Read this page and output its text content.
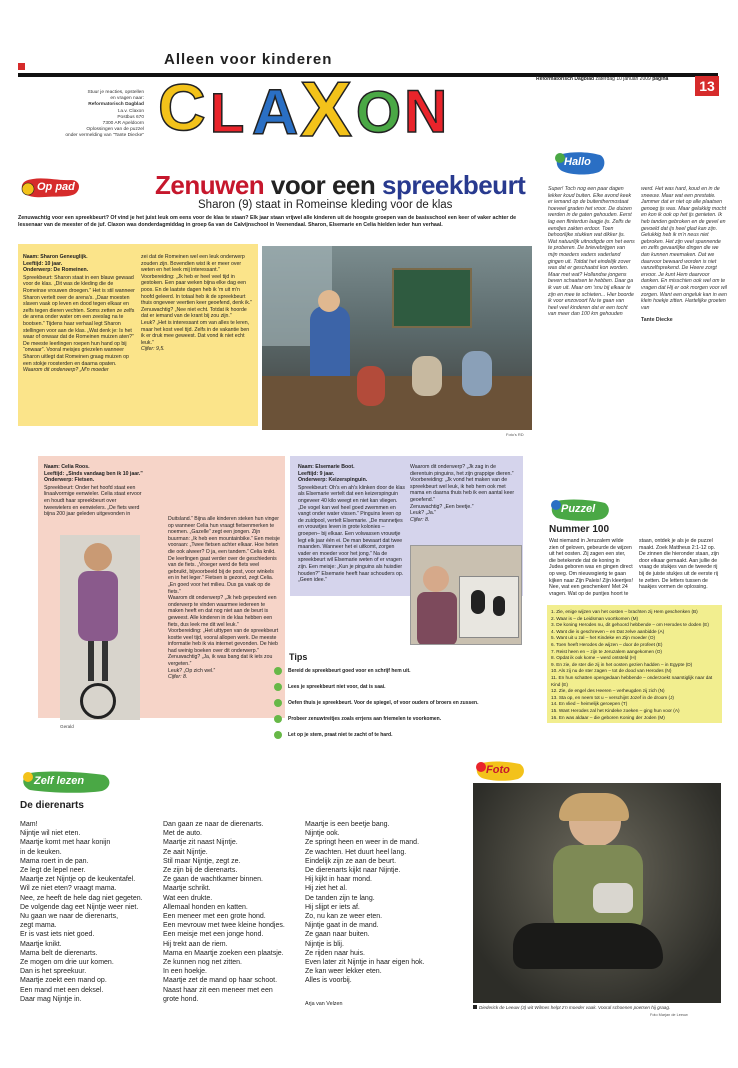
Alleen voor kinderen
Reformatorisch Dagblad zaterdag 10 januari 2009 pagina	13
Stuur je reacties, opstellen
en vragen naar:
Reformatorisch Dagblad
t.a.v. Claxon
Postbus 670
7300 AR Apeldoorn
Oplossingen van de puzzel
onder vermelding van "Tante Diecke" C L A X O N
Op pad	Zenuwen voor een spreekbeurt
Sharon (9) staat in Romeinse kleding voor de klas
Zenuwachtig voor een spreekbeurt? Of vind je het juist leuk om eens voor de klas te staan? Elk jaar staan vrijwel alle kinderen uit de hoogste groepen van de basisschool een keer of vaker achter de lessenaar van de meester of de juf. Claxon was donderdagmiddag in groep 6a van de Calvijnschool in Veenendaal. Sharon, Elsemarie en Celia hielden ieder hun verhaal.

Naam: Sharon Geneuglijk.

Leeftijd: 10 jaar.

Onderwerp: De Romeinen.

Spreekbeurt: Sharon staat in een blauw gewaad voor de klas. „Dit was de kleding die de Romeinse vrouwen droegen.” Het is stil wanneer Sharon vertelt over de arena's. „Daar moesten slaven vaak op leven en dood tegen elkaar en zelfs tegen dieren vechten. Soms zetten ze zelfs de arena onder water om een zeeslag na te bootsen.” Tijdens haar verhaal legt Sharon stellingen voor aan de klas. „Wat denk je: Is het waar of onwaar dat de Romeinen muizen aten?” De meeste leerlingen roepen hun hand op bij “onwaar”. Vooral meisjes griezelen wanneer Sharon uitlegt dat Romeinen graag muizen op een stokje roosterden en daarna opaten.

Waarom dit onderwerp? „M'n moeder

zei dat de Romeinen wel een leuk onderwerp zouden zijn. Bovendien wist ik er meer over weten en het leek mij interessant.”

Voorbereiding: „Jk heb er heel veel tijd in gestoken. Een paar weken bijna elke dag een poos. En de laatste dagen heb ik 'm uit m'n hoofd geleerd. In totaal heb ik de spreekbeurt thuis ongeveer veertien keer geoefend, denk ik.”

Zenuwachtig? „Nee niet echt. Totdat ik hoorde dat er iemand van de krant bij zou zijn.”

Leuk? „Het is interessant om van alles te leren, maar het kost veel tijd. Zelfs in de vakantie ben ik er druk mee geweest. Dat vond ik niet echt leuk.”

Cijfer: 9,5.

Foto's RD

Naam: Celia Roos.

Leeftijd: „Sinds vandaag ben ik 10 jaar.”

Onderwerp: Fietsen.

Spreekbeurt: Onder het hoofd staat een linaalvormige eenwieler. Celia staat ervoor en houdt haar spreekbeurt over tweewielers en eenwielers. „De fiets werd bijna 200 jaar geleden uitgevonden in

Duitsland.” Bijna alle kinderen steken hun vinger op wanneer Celia hun vraagt fietsenmerken te noemen. „Gazelle” zegt een jongen. Zijn buurman: „Ik heb een mountainbike.” Een meisje vooraan: „Twee fietsen achter elkaar. Hoe heten die ook alweer? O ja, een tandem.” Celia knikt. De leerlingen gaat verder over de geschiedenis van de fiets. „Vroeger werd de fiets veel gebruikt, bijvoorbeeld bij de post, voor winkels en in het leger.” Fietsen is gezond, zegt Celia. „En goed voor het milieu. Dus ga vaak op de fiets.”

Waarom dit onderwerp? „Jk heb gepeuterd een onderwerp te vinden waarmee iedereen te maken heeft en dat nog niet aan de beurt is geweest. Alle kinderen in de klas hebben een fiets, dus leek me dit wel leuk.”

Voorbereiding: „Het uittypen van de spreekbeurt kostte veel tijd, vooral allopen werk. De meeste informatie heb ik via internet gevonden. De hieb had weinig boeken over dit onderwerp.”

Zenuwachtig? „Ja, ik was bang dat ik iets zou vergeten.”

Leuk? „Op zich wel.”

Cijfer: 8.

Gerald

Naam: Elsemarie Boot.

Leeftijd: 9 jaar.

Onderwerp: Keizerspinguin.

Spreekbeurt: Oh's en ah's klinken door de klas als Elsemarie vertelt dat een keizerspinguin ongeveer 40 kilo weegt en niet kan vliegen. „De vogel kan wel heel goed zwemmen en vangt onder water vissen.” Pinguins leven op de zuidpool, vertelt Elsemarie. „De mannetjes en vrouwtjes leven in grote kolonies –groepen– bij elkaar. Een volwassen vrouwtje legt elk jaar één ei. De man bewaart dat twee maanden. Wanneer het ei uitkomt, zorgen vader en moeder voor het jong.” Na de spreekbeurt wil Elsemarie weten of er vragen zijn. Een meisje: „Kun je pinguins als huisdier houden?” Elsemarie heeft haar schouders op. „Geen idee.”

Waarom dit onderwerp? „Jk zag in de dierentuin pinguins, het zijn grappige dieren.”

Voorbereiding: „Jk vond het maken van de spreekbeurt wel leuk, ik heb hem ook met mama en daarna thuis heb ik een aantal keer geoefend.”

Zenuwachtig? „Een beetje.”

Leuk? „Ja.”

Cijfer: 8.

Tips
Bereid de spreekbeurt goed voor en schrijf hem uit.
Lees je spreekbeurt niet voor, dat is saai.
Oefen thuis je spreekbeurt. Voor de spiegel, of voor ouders of broers en zussen.
Probeer zenuwtreitjes zoals errjens aan friemelen te voorkomen.
Let op je stem, praat niet te zacht of te hard.
Hallo
Super! Toch nog een paar dagen lekker koud buiten. Elke avond keek er iemand op de buitenthermostaat hoeveel graden het vroor. De duizen werden in de gaten gehouden. Eerst lag een flinterdun laagje ijs. Zelfs de eendjes zakten erdoor. Toen behoorlijke stukken wat dikker ijs. Wat natuurlijk uitnodigde om het eens te proberen. De brievebrijgen van mijn moeders vaders vaderland gingen uit. Totdat het eindelijk zover was dat er geschaatst kon worden. Maar met wat? Hollandse jongens beven schaatsen te hebben. Daar ga ik van uit. Maar om 'snu bij elkaar te zijn en mee te schieten... Hier boorde ik voor enzovoort Nu te gaan van heel veel kinderen dat er een tocht van meer dan 100 km gehouden werd. Het was hard, koud en in de sneeuw. Maar wat een prestatie. Jammer dat er niet op alle plaatsen genoeg ijs was. Maar gelukkig mocht en kon ik ook op het ijs genieten. Ik heb tanden gebroken en de gevel en gevoeld dat ijs heel glad kan zijn. Gelukkig heb ik m'n neus niet gebroken. Het zijn veel spannende en zelfs gevaarlijke dingen die we dan kunnen meemaken. Dat we daarvoor bewaard worden is niet vanzelfsprekend. De Heere zorgt ervoor. Je kunt Hem daarvoor danken. En misschien ook wel om te vragen dat Hij er ook morgen voor wil zorgen. Want een ongeluk kan in een klein hoekje zitten. Hartelijke groeten van

Tante Diecke

Puzzel
Nummer 100
Wat niemand in Jeruzalem wilde zien of geloven, gebeurde de wijzen uit het oosten. Zij zagen een ster, die betekende dat de koning in Judea geboren was en gingen direct op weg. Om nieuwsgierig te gaan kijken naar Zijn Paleis! Zijn kleertjes! Nee, wat een geschenken! Met 24 vragen. Wat op de puntjes hoort te staan, ontdek je als je de puzzel maakt. Zoek Mattheus 2:1-12 op. De zinnen die hieronder staan, zijn door elkaar gemaakt. Aan jullie de vraag de stukjes van de tweede rij bij de juiste stukjes uit de eerste rij te zetten. De letters tussen de haakjes vormen de oplossing.
1. Zie, enige wijzen van het oosten – brachten zij Hem geschenken (B)
2. Waar is – de Leidsman voortkomen (M)
3. De koning Herodes nu, dit gehoord hebbende – om Herodes te doden (E)
4. Want die is geschreven – en Dat zelve aanbidde (A)
5. Want uit u zal – het Kindeke en Zijn moeder (O)
6. Toen heeft Herodes de wijzen – door de profeet (E)
7. Reist heen en – zijn te Jeruzalem aangekomen (O)
8. Opdat ik ook kome – werd ontsteld (H)
9. En zie, de ster die zij in het oosten gezien hadden – in Egypte (D)
10. Als zij nu de ster zagen – tot de dood van Herodes (N)
11. En hun schatten opengedaan hebbende – onderzoekt naarstiglijk naar dat Kind (E)
12. Zie, de engel des Heeren – verheugden zij zich (N)
13. Sta op, en neem tot u – verschijnt Jozef in de droom (J)
14. En vlied – heimelijk geroepen (T)
15. Want Herodes zal het Kindeke zoeken – ging hun voor (A)
16. En was aldaar – die geboren Koning der Joden (M)
Zelf lezen
De dierenarts
Mam!
Nijntje wil niet eten.
Maartje komt met haar konijn
in de keuken.
Mama roert in de pan.
Ze legt de lepel neer.
Maartje zet Nijntje op de keukentafel.
Wil ze niet eten? vraagt mama.
Nee, ze heeft de hele dag niet gegeten.
De volgende dag eet Nijntje weer niet.
Nu gaan we naar de dierenarts,
zegt mama.
Er is vast iets niet goed.
Maartje knikt.
Mama belt de dierenarts.
Ze mogen om drie uur komen.
Dan is het spreekuur.
Maartje zoekt een mand op.
Een mand met een deksel.
Daar mag Nijntje in.
Dan gaan ze naar de dierenarts.
Met de auto.
Maartje zit naast Nijntje.
Ze aait Nijntje.
Stil maar Nijntje, zegt ze.
Ze zijn bij de dierenarts.
Ze gaan de wachtkamer binnen.
Maartje schrikt.
Wat een drukte.
Allemaal honden en katten.
Een meneer met een grote hond.
Een mevrouw met twee kleine hondjes.
Een meisje met een jonge hond.
Hij trekt aan de riem.
Mama en Maartje zoeken een plaatsje.
Ze kunnen nog net zitten.
In een hoekje.
Maartje zet de mand op haar schoot.
Naast haar zit een meneer met een
grote hond.
Maartje is een beetje bang.
Nijntje ook.
Ze springt heen en weer in de mand.
Ze wachten. Het duurt heel lang.
Eindelijk zijn ze aan de beurt.
De dierenarts kijkt naar Nijntje.
Hij kijkt in haar mond.
Hij ziet het al.
De tanden zijn te lang.
Hij slijpt er iets af.
Zo, nu kan ze weer eten.
Nijntje gaat in de mand.
Ze gaan naar buiten.
Nijntje is blij.
Ze rijden naar huis.
Even later zit Nijntje in haar eigen hok.
Ze kan weer lekker eten.
Alles is voorbij.
Arja van Velzen
Foto
Diederick de Leeuw (3) wit Wilmes helpt z'n moeder vaak. Vooral schoenen poetsen hij graag.
Foto Marjan de Leeuw
